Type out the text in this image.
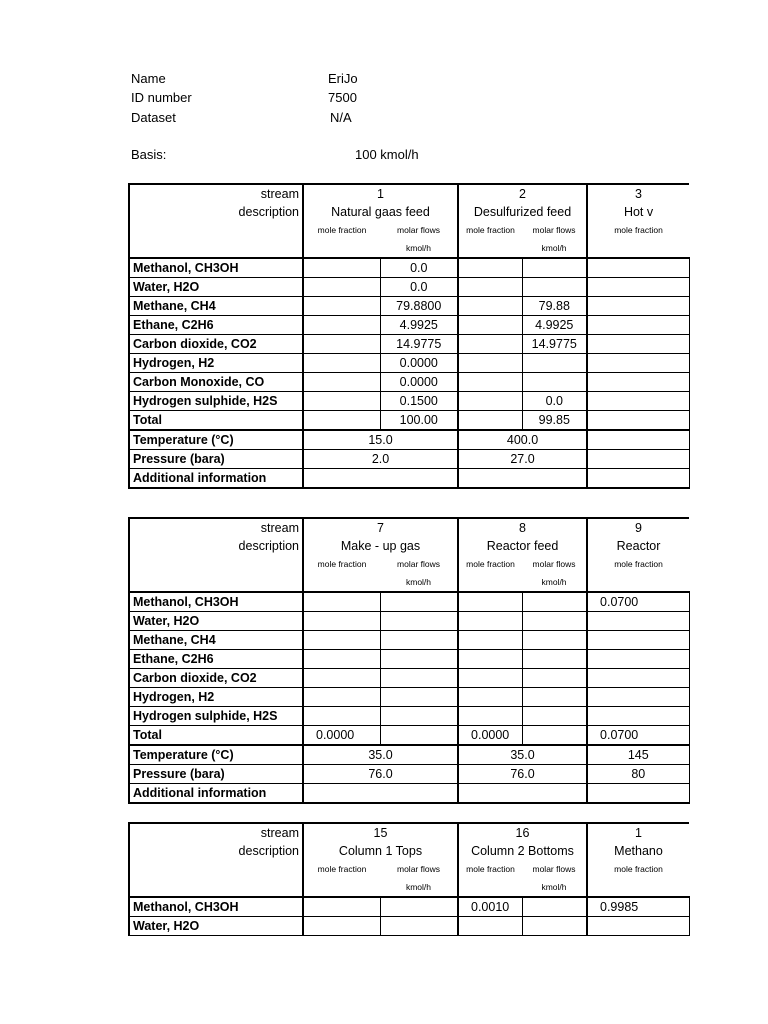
Name	EriJo
ID number	7500
Dataset	N/A
Basis:	100 kmol/h
stream	1		2		3
description	Natural gaas feed		Desulfurized feed		Hot v
	mole fraction	molar flows	mole fraction	molar flows	mole fraction
		kmol/h		kmol/h	
Methanol, CH3OH		0.0			
Water, H2O		0.0			
Methane, CH4		79.8800		79.88	
Ethane, C2H6		4.9925		4.9925	
Carbon dioxide, CO2		14.9775		14.9775	
Hydrogen, H2		0.0000			
Carbon Monoxide, CO		0.0000			
Hydrogen sulphide, H2S		0.1500		0.0	
Total		100.00		99.85	
Temperature (°C)	15.0		400.0		
Pressure (bara)	2.0		27.0		
Additional information					
stream	7		8		9
description	Make - up gas		Reactor feed		Reactor
	mole fraction	molar flows	mole fraction	molar flows	mole fraction
		kmol/h		kmol/h	
Methanol, CH3OH					0.0700
Water, H2O					
Methane, CH4					
Ethane, C2H6					
Carbon dioxide, CO2					
Hydrogen, H2					
Hydrogen sulphide, H2S					
Total	0.0000		0.0000		0.0700
Temperature (°C)	35.0		35.0		145
Pressure (bara)	76.0		76.0		80
Additional information					
stream	15		16		1
description	Column 1 Tops		Column 2 Bottoms		Methano
	mole fraction	molar flows	mole fraction	molar flows	mole fraction
		kmol/h		kmol/h	
Methanol, CH3OH			0.0010		0.9985
Water, H2O					
